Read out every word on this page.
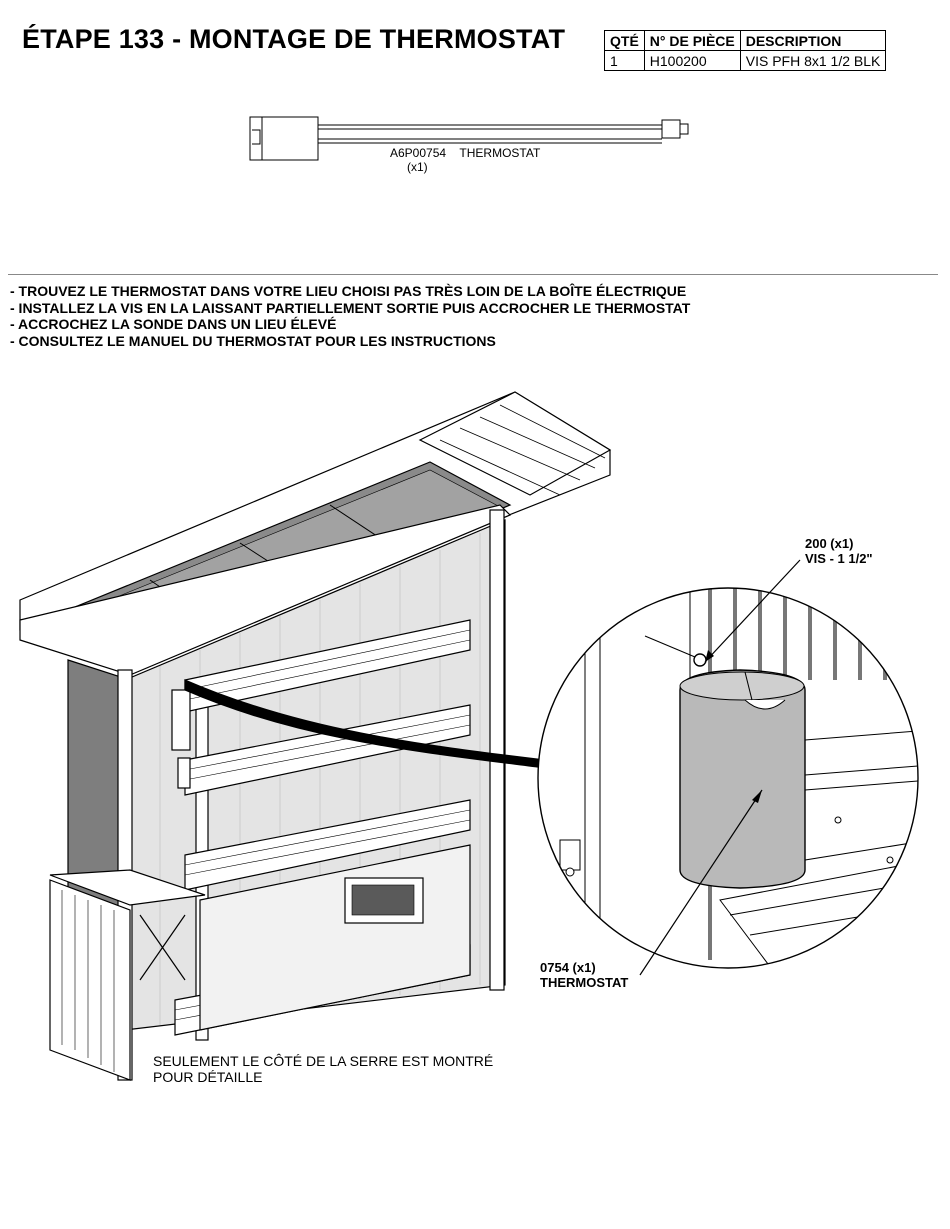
ÉTAPE 133 - MONTAGE DE THERMOSTAT	QTÉ	N° DE PIÈCE	DESCRIPTION
1	H100200	VIS PFH 8x1 1/2 BLK
A6P00754 THERMOSTAT
(x1)
- TROUVEZ LE THERMOSTAT DANS VOTRE LIEU CHOISI PAS TRÈS LOIN DE LA BOÎTE ÉLECTRIQUE
- INSTALLEZ LA VIS EN LA LAISSANT PARTIELLEMENT SORTIE PUIS ACCROCHER LE THERMOSTAT
- ACCROCHEZ LA SONDE DANS UN LIEU ÉLEVÉ
- CONSULTEZ LE MANUEL DU THERMOSTAT POUR LES INSTRUCTIONS
200 (x1)
VIS - 1 1/2"
0754 (x1)
THERMOSTAT
SEULEMENT LE CÔTÉ DE LA SERRE EST MONTRÉ
POUR DÉTAILLE
